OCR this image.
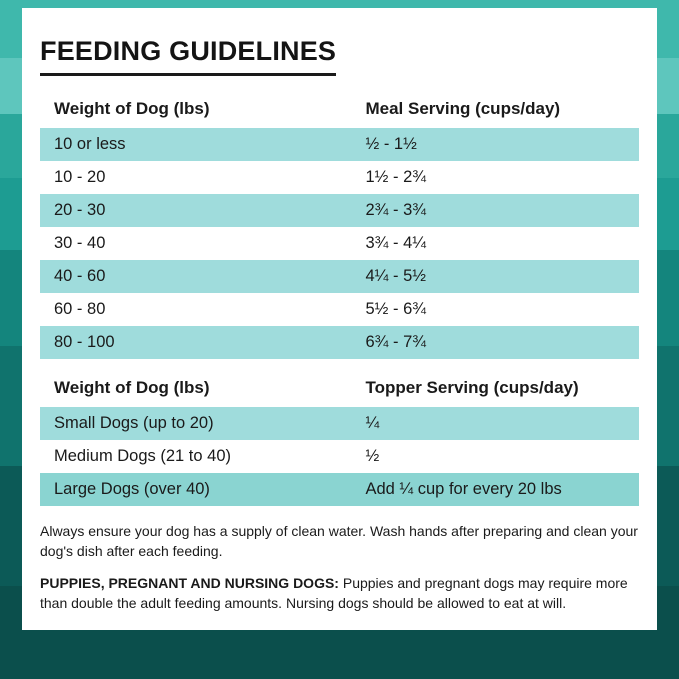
FEEDING GUIDELINES
Weight of Dog (lbs)	Meal Serving (cups/day)
10 or less	½ - 1½
10 - 20	1½ - 2¾
20 - 30	2¾ - 3¾
30 - 40	3¾ - 4¼
40 - 60	4¼ - 5½
60 - 80	5½ - 6¾
80 - 100	6¾ - 7¾
Weight of Dog (lbs)	Topper Serving (cups/day)
Small Dogs (up to 20)	¼
Medium Dogs (21 to 40)	½
Large Dogs (over 40)	Add ¼ cup for every 20 lbs

Always ensure your dog has a supply of clean water. Wash hands after preparing and clean your dog's dish after each feeding.

PUPPIES, PREGNANT AND NURSING DOGS: Puppies and pregnant dogs may require more than double the adult feeding amounts. Nursing dogs should be allowed to eat at will.
